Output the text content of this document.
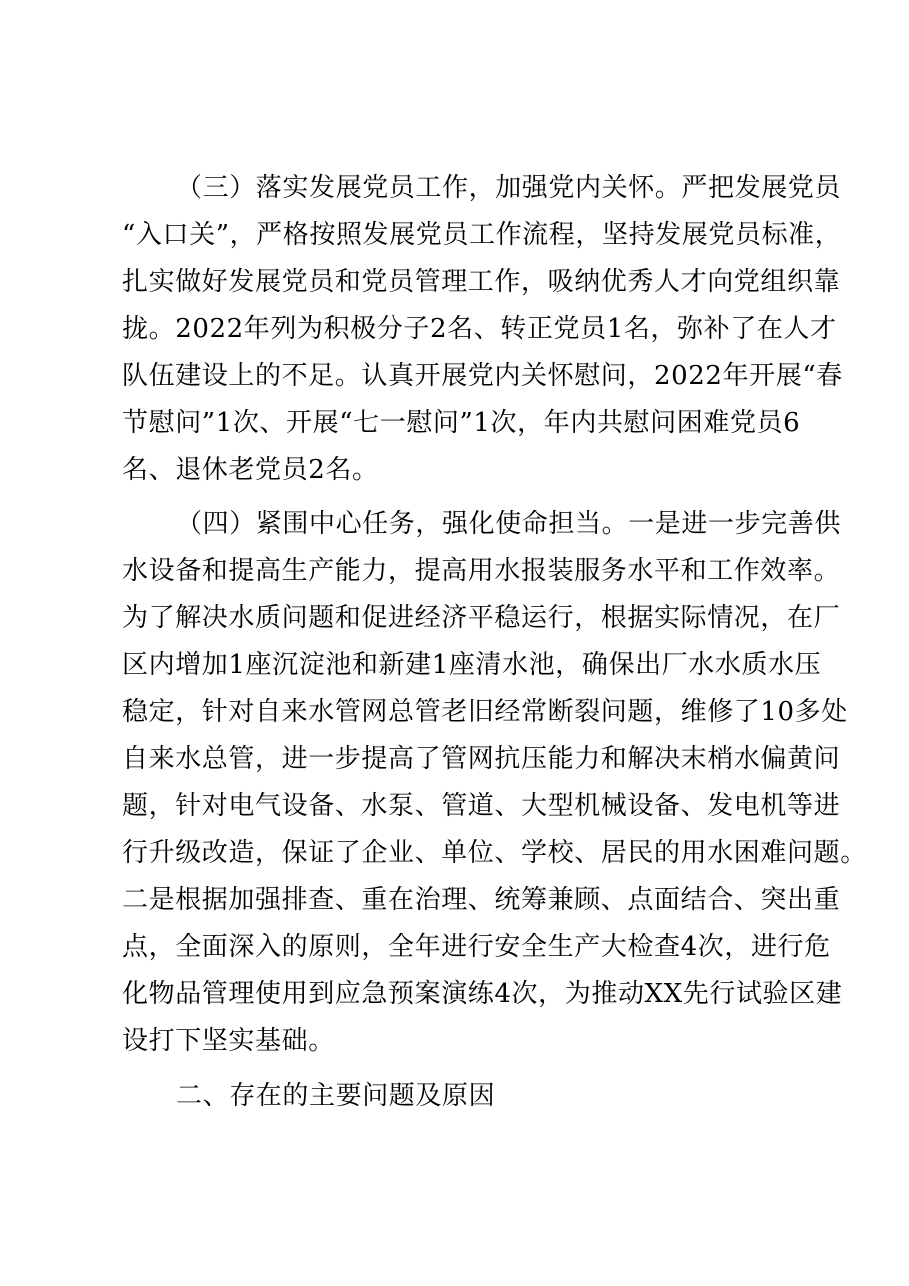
（三）落实发展党员工作，加强党内关怀。严把发展党员
“入口关”，严格按照发展党员工作流程，坚持发展党员标准，
扎实做好发展党员和党员管理工作，吸纳优秀人才向党组织靠
拢。2022年列为积极分子2名、转正党员1名，弥补了在人才
队伍建设上的不足。认真开展党内关怀慰问，2022年开展“春
节慰问”1次、开展“七一慰问”1次，年内共慰问困难党员6
名、退休老党员2名。
（四）紧围中心任务，强化使命担当。一是进一步完善供
水设备和提高生产能力，提高用水报装服务水平和工作效率。
为了解决水质问题和促进经济平稳运行，根据实际情况，在厂
区内增加1座沉淀池和新建1座清水池，确保出厂水水质水压
稳定，针对自来水管网总管老旧经常断裂问题，维修了10多处
自来水总管，进一步提高了管网抗压能力和解决末梢水偏黄问
题，针对电气设备、水泵、管道、大型机械设备、发电机等进
行升级改造，保证了企业、单位、学校、居民的用水困难问题。
二是根据加强排查、重在治理、统筹兼顾、点面结合、突出重
点，全面深入的原则，全年进行安全生产大检查4次，进行危
化物品管理使用到应急预案演练4次，为推动XX先行试验区建
设打下坚实基础。
二、存在的主要问题及原因
